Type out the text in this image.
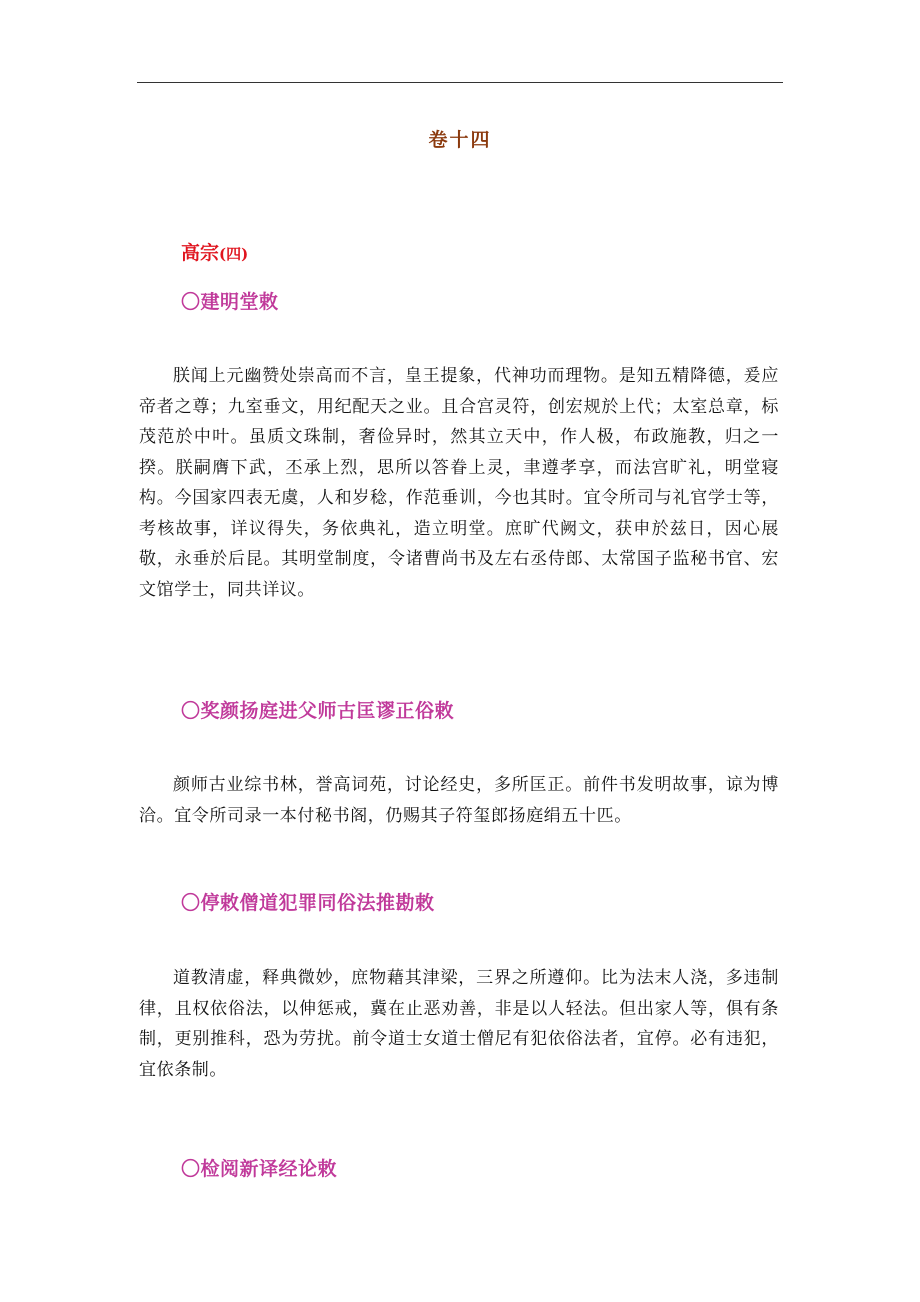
卷十四
高宗(四)
〇建明堂敕
朕闻上元幽赞处崇高而不言，皇王提象，代神功而理物。是知五精降德，爰应帝者之尊；九室垂文，用纪配天之业。且合宫灵符，创宏规於上代；太室总章，标茂范於中叶。虽质文珠制，奢俭异时，然其立天中，作人极，布政施教，归之一揆。朕嗣膺下武，丕承上烈，思所以答眷上灵，聿遵孝享，而法宫旷礼，明堂寝构。今国家四表无虞，人和岁稔，作范垂训，今也其时。宜令所司与礼官学士等，考核故事，详议得失，务依典礼，造立明堂。庶旷代阙文，获申於兹日，因心展敬，永垂於后昆。其明堂制度，令诸曹尚书及左右丞侍郎、太常国子监秘书官、宏文馆学士，同共详议。
〇奖颜扬庭进父师古匡谬正俗敕
颜师古业综书林，誉高词苑，讨论经史，多所匡正。前件书发明故事，谅为博洽。宜令所司录一本付秘书阁，仍赐其子符玺郎扬庭绢五十匹。
〇停敕僧道犯罪同俗法推勘敕
道教清虚，释典微妙，庶物藉其津梁，三界之所遵仰。比为法末人浇，多违制律，且权依俗法，以伸惩戒，冀在止恶劝善，非是以人轻法。但出家人等，俱有条制，更别推科，恐为劳扰。前令道士女道士僧尼有犯依俗法者，宜停。必有违犯，宜依条制。
〇检阅新译经论敕
